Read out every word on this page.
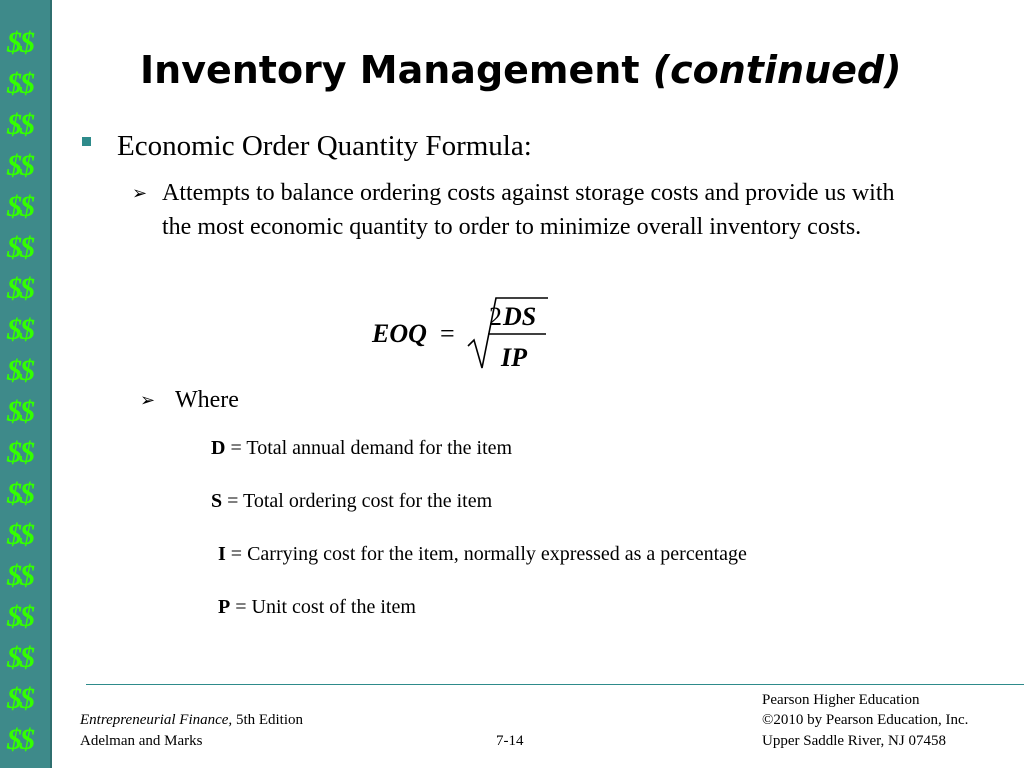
$$
$$
$$
$$
$$
$$
$$
$$
$$
$$
$$
$$
$$
$$
$$
$$
$$
$$
Inventory Management (continued)
Economic Order Quantity Formula:
➢ Attempts to balance ordering costs against storage costs and provide us with the most economic quantity to order to minimize overall inventory costs.
EOQ =
2 DS
IP
➢ Where
D = Total annual demand for the item
S = Total ordering cost for the item
I = Carrying cost for the item, normally expressed as a percentage
P = Unit cost of the item
Entrepreneurial Finance, 5th Edition
Adelman and Marks	7-14
Pearson Higher Education
©2010 by Pearson Education, Inc.
Upper Saddle River, NJ 07458
